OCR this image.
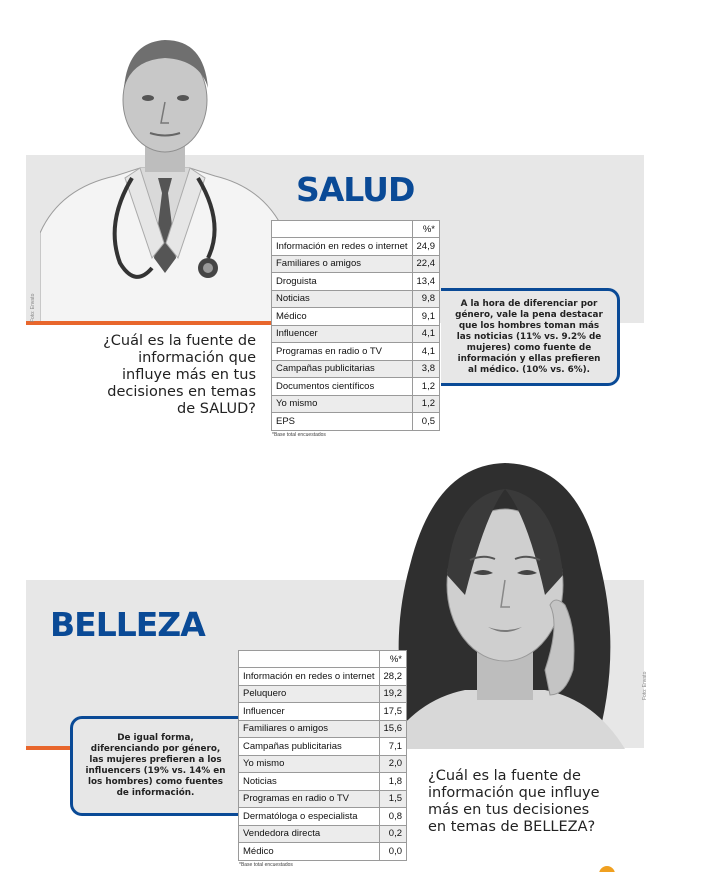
Foto: Envato
SALUD
	%*
Información en redes o internet	24,9
Familiares o amigos	22,4
Droguista	13,4
Noticias	9,8
Médico	9,1
Influencer	4,1
Programas en radio o TV	4,1
Campañas publicitarias	3,8
Documentos científicos	1,2
Yo mismo	1,2
EPS	0,5
*Base total encuestados
A la hora de diferenciar por género, vale la pena destacar que los hombres toman más las noticias (11% vs. 9.2% de mujeres) como fuente de información y ellas prefieren al médico. (10% vs. 6%).
¿Cuál es la fuente de información que influye más en tus decisiones en temas de SALUD?
Foto: Envato
BELLEZA
	%*
Información en redes o internet	28,2
Peluquero	19,2
Influencer	17,5
Familiares o amigos	15,6
Campañas publicitarias	7,1
Yo mismo	2,0
Noticias	1,8
Programas en radio o TV	1,5
Dermatóloga o especialista	0,8
Vendedora directa	0,2
Médico	0,0
*Base total encuestados
De igual forma, diferenciando por género, las mujeres prefieren a los influencers (19% vs. 14% en los hombres) como fuentes de información.
¿Cuál es la fuente de información que influye más en tus decisiones en temas de BELLEZA?
